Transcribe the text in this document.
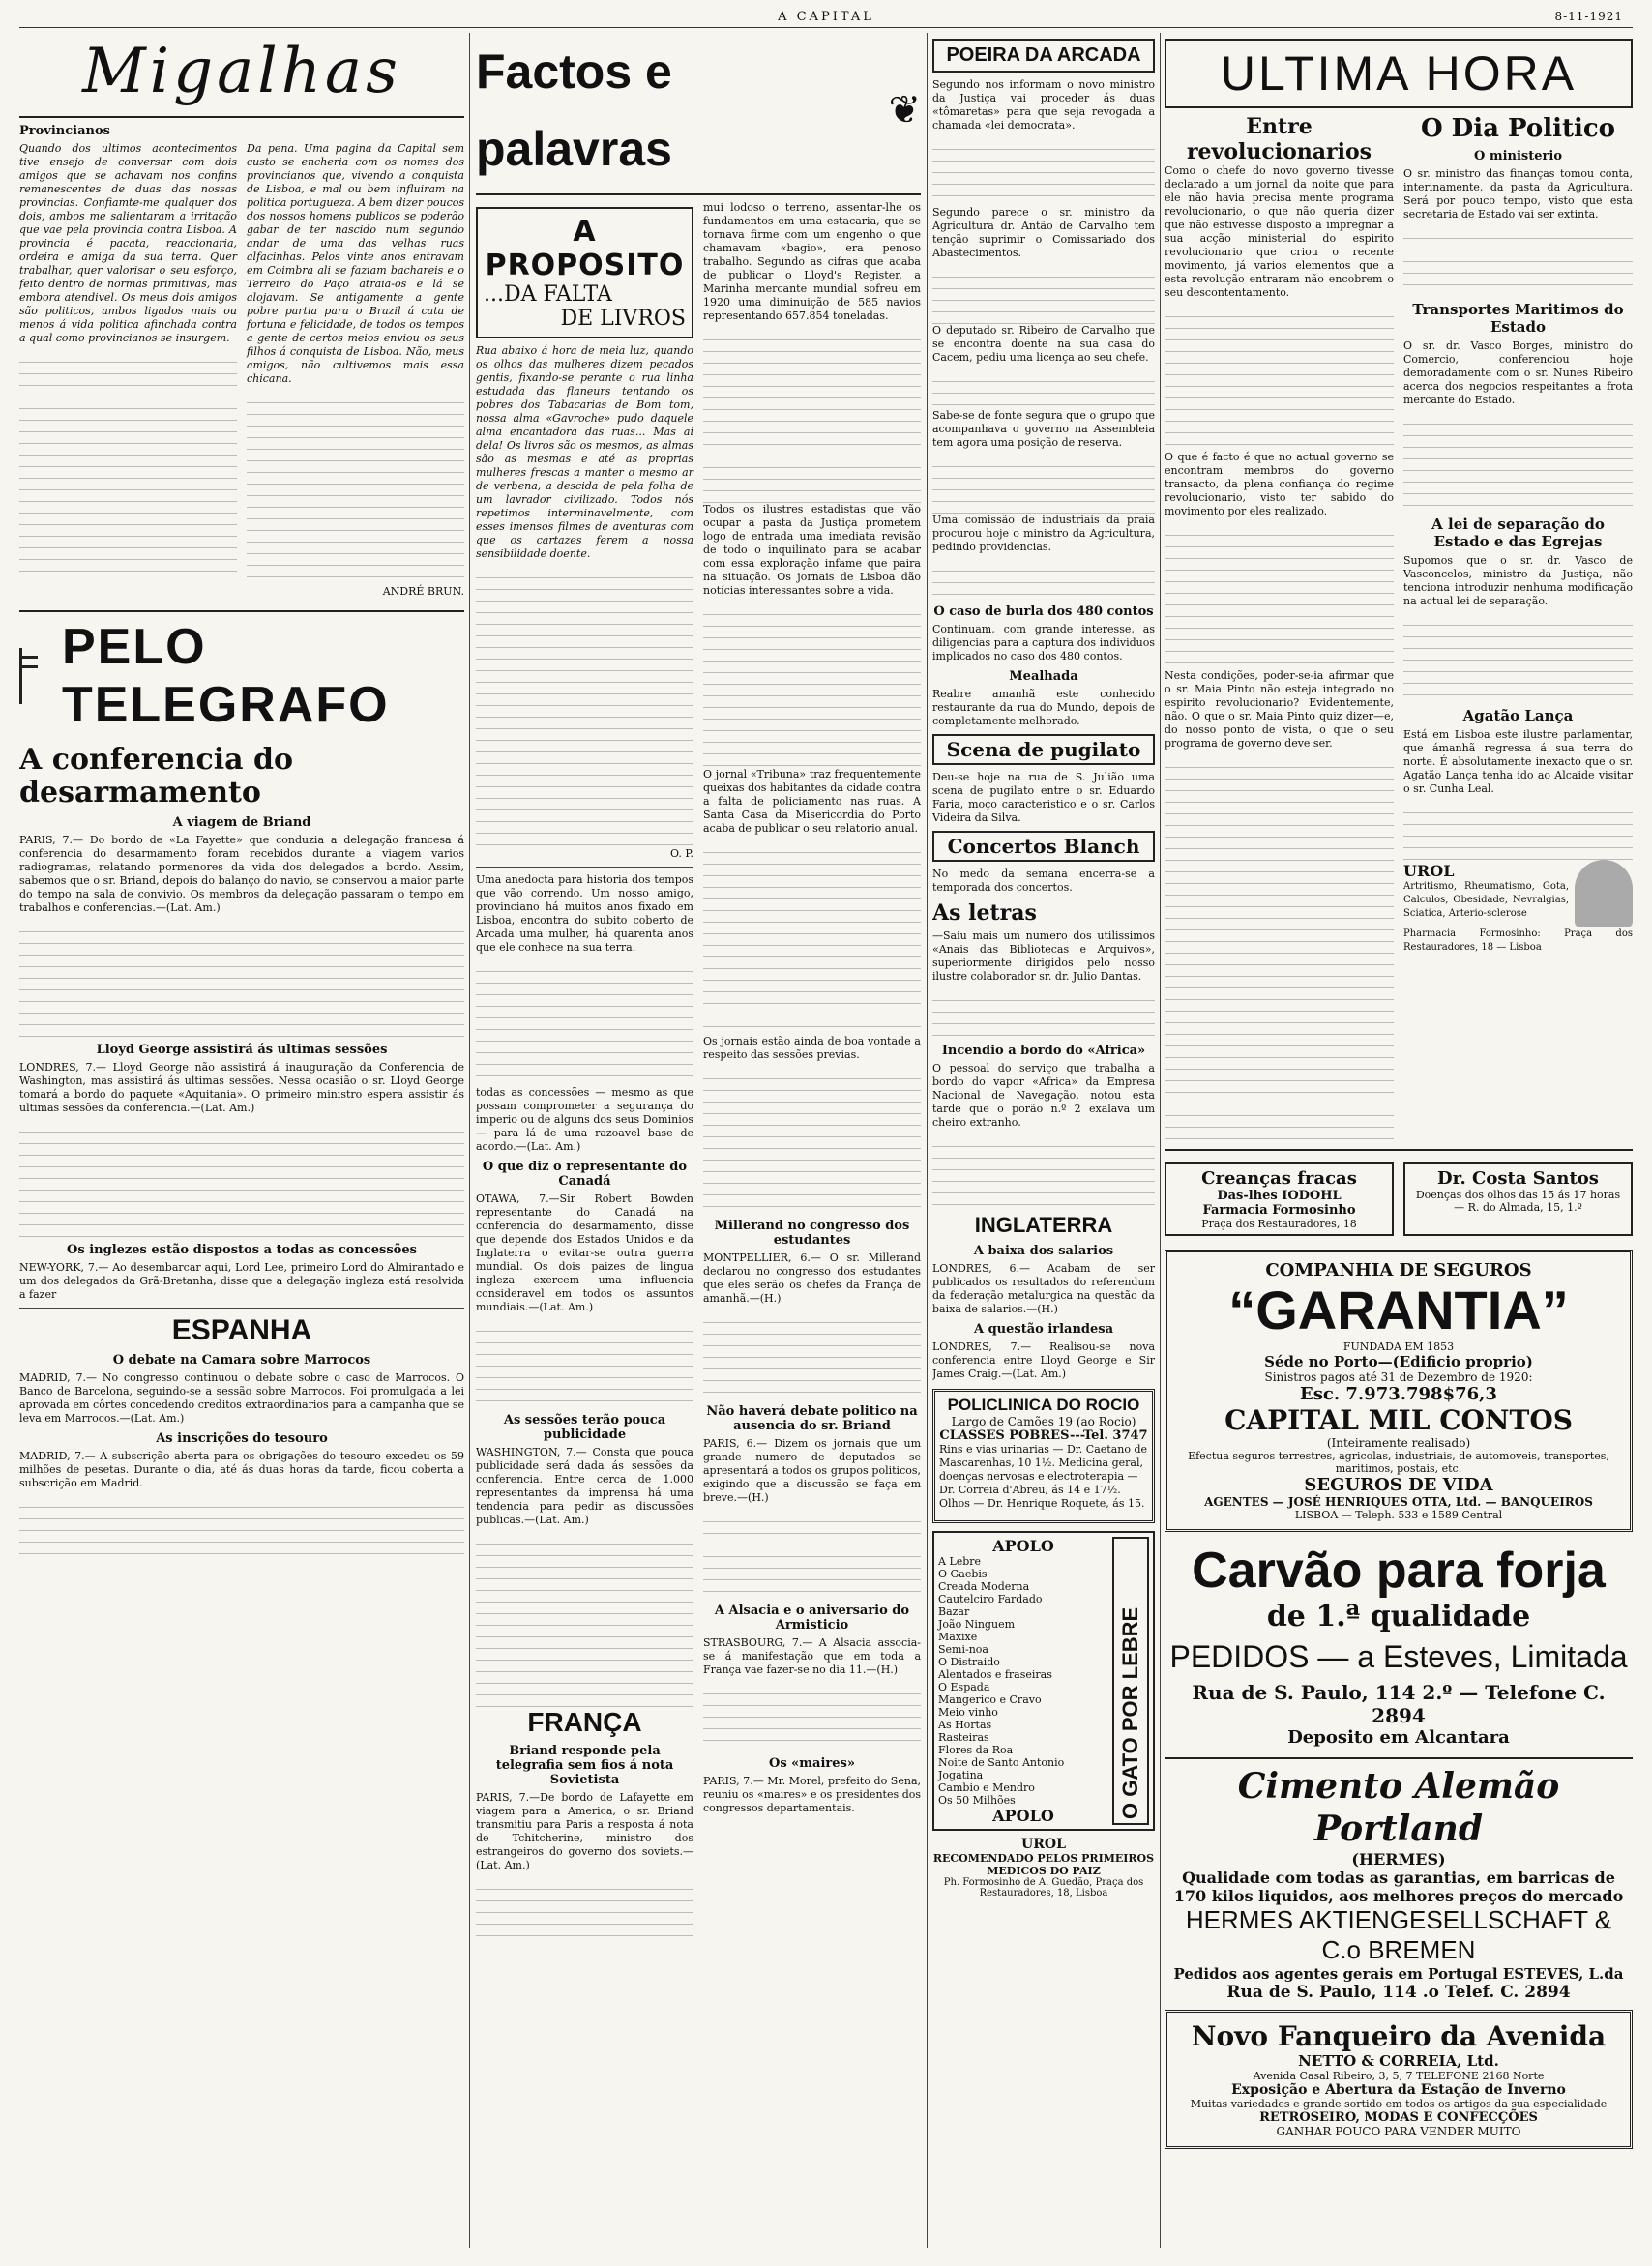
A CAPITAL	8-11-1921
Migalhas
Provincianos

Quando dos ultimos acontecimentos tive ensejo de conversar com dois amigos que se achavam nos confins remanescentes de duas das nossas provincias. Confiamte-me qualquer dos dois, ambos me salientaram a irritação que vae pela provincia contra Lisboa. A provincia é pacata, reaccionaria, ordeira e amiga da sua terra. Quer trabalhar, quer valorisar o seu esforço, feito dentro de normas primitivas, mas embora atendivel. Os meus dois amigos são politicos, ambos ligados mais ou menos á vida politica afinchada contra a qual como provincianos se insurgem.

Da pena. Uma pagina da Capital sem custo se encheria com os nomes dos provincianos que, vivendo a conquista de Lisboa, e mal ou bem influiram na politica portugueza. A bem dizer poucos dos nossos homens publicos se poderão gabar de ter nascido num segundo andar de uma das velhas ruas alfacinhas. Pelos vinte anos entravam em Coimbra ali se faziam bachareis e o Terreiro do Paço atraia-os e lá se alojavam. Se antigamente a gente pobre partia para o Brazil á cata de fortuna e felicidade, de todos os tempos a gente de certos meios enviou os seus filhos á conquista de Lisboa. Não, meus amigos, não cultivemos mais essa chicana.

ANDRÉ BRUN.

PELO TELEGRAFO
A conferencia do desarmamento
A viagem de Briand

PARIS, 7.— Do bordo de «La Fayette» que conduzia a delegação francesa á conferencia do desarmamento foram recebidos durante a viagem varios radiogramas, relatando pormenores da vida dos delegados a bordo. Assim, sabemos que o sr. Briand, depois do balanço do navio, se conservou a maior parte do tempo na sala de convivio. Os membros da delegação passaram o tempo em trabalhos e conferencias.—(Lat. Am.)

Lloyd George assistirá ás ultimas sessões

LONDRES, 7.— Lloyd George não assistirá á inauguração da Conferencia de Washington, mas assistirá ás ultimas sessões. Nessa ocasião o sr. Lloyd George tomará a bordo do paquete «Aquitania». O primeiro ministro espera assistir ás ultimas sessões da conferencia.—(Lat. Am.)

Os inglezes estão dispostos a todas as concessões

NEW-YORK, 7.— Ao desembarcar aqui, Lord Lee, primeiro Lord do Almirantado e um dos delegados da Grã-Bretanha, disse que a delegação ingleza está resolvida a fazer

ESPANHA
O debate na Camara sobre Marrocos

MADRID, 7.— No congresso continuou o debate sobre o caso de Marrocos. O Banco de Barcelona, seguindo-se a sessão sobre Marrocos. Foi promulgada a lei aprovada em côrtes concedendo creditos extraordinarios para a campanha que se leva em Marrocos.—(Lat. Am.)

As inscrições do tesouro

MADRID, 7.— A subscrição aberta para os obrigações do tesouro excedeu os 59 milhões de pesetas. Durante o dia, até ás duas horas da tarde, ficou coberta a subscrição em Madrid.

Factos e palavras
❦
A PROPOSITO
...DA FALTA
DE LIVROS

Rua abaixo á hora de meia luz, quando os olhos das mulheres dizem pecados gentis, fixando-se perante o rua linha estudada das flaneurs tentando os pobres dos Tabacarias de Bom tom, nossa alma «Gavroche» pudo daquele alma encantadora das ruas... Mas ai dela! Os livros são os mesmos, as almas são as mesmas e até as proprias mulheres frescas a manter o mesmo ar de verbena, a descida de pela folha de um lavrador civilizado. Todos nós repetimos interminavelmente, com esses imensos filmes de aventuras com que os cartazes ferem a nossa sensibilidade doente.

O. P.

Uma anedocta para historia dos tempos que vão correndo. Um nosso amigo, provinciano há muitos anos fixado em Lisboa, encontra do subito coberto de Arcada uma mulher, há quarenta anos que ele conhece na sua terra.

todas as concessões — mesmo as que possam comprometer a segurança do imperio ou de alguns dos seus Dominios — para lá de uma razoavel base de acordo.—(Lat. Am.)

O que diz o representante do Canadá

OTAWA, 7.—Sir Robert Bowden representante do Canadá na conferencia do desarmamento, disse que depende dos Estados Unidos e da Inglaterra o evitar-se outra guerra mundial. Os dois paizes de lingua ingleza exercem uma influencia consideravel em todos os assuntos mundiais.—(Lat. Am.)

As sessões terão pouca publicidade

WASHINGTON, 7.— Consta que pouca publicidade será dada ás sessões da conferencia. Entre cerca de 1.000 representantes da imprensa há uma tendencia para pedir as discussões publicas.—(Lat. Am.)

FRANÇA
Briand responde pela telegrafia sem fios á nota Sovietista

PARIS, 7.—De bordo de Lafayette em viagem para a America, o sr. Briand transmitiu para Paris a resposta á nota de Tchitcherine, ministro dos estrangeiros do governo dos soviets.—(Lat. Am.)

mui lodoso o terreno, assentar-lhe os fundamentos em uma estacaria, que se tornava firme com um engenho o que chamavam «bagio», era penoso trabalho. Segundo as cifras que acaba de publicar o Lloyd's Register, a Marinha mercante mundial sofreu em 1920 uma diminuição de 585 navios representando 657.854 toneladas.

Todos os ilustres estadistas que vão ocupar a pasta da Justiça prometem logo de entrada uma imediata revisão de todo o inquilinato para se acabar com essa exploração infame que paira na situação. Os jornais de Lisboa dão notícias interessantes sobre a vida.

O jornal «Tribuna» traz frequentemente queixas dos habitantes da cidade contra a falta de policiamento nas ruas. A Santa Casa da Misericordia do Porto acaba de publicar o seu relatorio anual.

Os jornais estão ainda de boa vontade a respeito das sessões previas.

Millerand no congresso dos estudantes

MONTPELLIER, 6.— O sr. Millerand declarou no congresso dos estudantes que eles serão os chefes da França de amanhã.—(H.)

Não haverá debate politico na ausencia do sr. Briand

PARIS, 6.— Dizem os jornais que um grande numero de deputados se apresentará a todos os grupos politicos, exigindo que a discussão se faça em breve.—(H.)

A Alsacia e o aniversario do Armisticio

STRASBOURG, 7.— A Alsacia associa-se á manifestação que em toda a França vae fazer-se no dia 11.—(H.)

Os «maires»

PARIS, 7.— Mr. Morel, prefeito do Sena, reuniu os «maires» e os presidentes dos congressos departamentais.

POEIRA DA ARCADA

Segundo nos informam o novo ministro da Justiça vai proceder ás duas «tômaretas» para que seja revogada a chamada «lei democrata».

Segundo parece o sr. ministro da Agricultura dr. Antão de Carvalho tem tenção suprimir o Comissariado dos Abastecimentos.

O deputado sr. Ribeiro de Carvalho que se encontra doente na sua casa do Cacem, pediu uma licença ao seu chefe.

Sabe-se de fonte segura que o grupo que acompanhava o governo na Assembleia tem agora uma posição de reserva.

Uma comissão de industriais da praia procurou hoje o ministro da Agricultura, pedindo providencias.

O caso de burla dos 480 contos

Continuam, com grande interesse, as diligencias para a captura dos individuos implicados no caso dos 480 contos.

Mealhada

Reabre amanhã este conhecido restaurante da rua do Mundo, depois de completamente melhorado.

Scena de pugilato

Deu-se hoje na rua de S. Julião uma scena de pugilato entre o sr. Eduardo Faria, moço caracteristico e o sr. Carlos Videira da Silva.

Concertos Blanch

No medo da semana encerra-se a temporada dos concertos.

As letras

—Saiu mais um numero dos utilissimos «Anais das Bibliotecas e Arquivos», superiormente dirigidos pelo nosso ilustre colaborador sr. dr. Julio Dantas.

Incendio a bordo do «Africa»

O pessoal do serviço que trabalha a bordo do vapor «Africa» da Empresa Nacional de Navegação, notou esta tarde que o porão n.º 2 exalava um cheiro extranho.

INGLATERRA
A baixa dos salarios

LONDRES, 6.— Acabam de ser publicados os resultados do referendum da federação metalurgica na questão da baixa de salarios.—(H.)

A questão irlandesa

LONDRES, 7.— Realisou-se nova conferencia entre Lloyd George e Sir James Craig.—(Lat. Am.)

POLICLINICA DO ROCIO
Largo de Camões 19 (ao Rocio)
CLASSES POBRES---Tel. 3747

Rins e vias urinarias — Dr. Caetano de Mascarenhas, 10 1½. Medicina geral, doenças nervosas e electroterapia — Dr. Correia d'Abreu, ás 14 e 17½. Olhos — Dr. Henrique Roquete, ás 15.

APOLO
A Lebre
O Gaebis
Creada Moderna
Cautelciro Fardado
Bazar
João Ninguem
Maxixe
Semi-noa
O Distraido
Alentados e fraseiras
O Espada
Mangerico e Cravo
Meio vinho
As Hortas
Rasteiras
Flores da Roa
Noite de Santo Antonio
Jogatina
Cambio e Mendro
Os 50 Milhões
APOLO	O GATO POR LEBRE
UROL
RECOMENDADO PELOS PRIMEIROS MEDICOS DO PAIZ
Ph. Formosinho de A. Guedão, Praça dos Restauradores, 18, Lisboa
ULTIMA HORA
Entre revolucionarios

Como o chefe do novo governo tivesse declarado a um jornal da noite que para ele não havia precisa mente programa revolucionario, o que não queria dizer que não estivesse disposto a impregnar a sua acção ministerial do espirito revolucionario que criou o recente movimento, já varios elementos que a esta revolução entraram não encobrem o seu descontentamento.

O que é facto é que no actual governo se encontram membros do governo transacto, da plena confiança do regime revolucionario, visto ter sabido do movimento por eles realizado.

Nesta condições, poder-se-ia afirmar que o sr. Maia Pinto não esteja integrado no espirito revolucionario? Evidentemente, não. O que o sr. Maia Pinto quiz dizer—e, do nosso ponto de vista, o que o seu programa de governo deve ser.

O Dia Politico
O ministerio

O sr. ministro das finanças tomou conta, interinamente, da pasta da Agricultura. Será por pouco tempo, visto que esta secretaria de Estado vai ser extinta.

Transportes Maritimos do Estado

O sr. dr. Vasco Borges, ministro do Comercio, conferenciou hoje demoradamente com o sr. Nunes Ribeiro acerca dos negocios respeitantes a frota mercante do Estado.

A lei de separação do Estado e das Egrejas

Supomos que o sr. dr. Vasco de Vasconcelos, ministro da Justiça, não tenciona introduzir nenhuma modificação na actual lei de separação.

Agatão Lança

Está em Lisboa este ilustre parlamentar, que ámanhã regressa á sua terra do norte. É absolutamente inexacto que o sr. Agatão Lança tenha ido ao Alcaide visitar o sr. Cunha Leal.

UROL

Artritismo, Rheumatismo, Gota, Calculos, Obesidade, Nevralgias, Sciatica, Arterio-sclerose

Pharmacia Formosinho: Praça dos Restauradores, 18 — Lisboa

Creanças fracas
Das-lhes IODOHL
Farmacia Formosinho
Praça dos Restauradores, 18
Dr. Costa Santos
Doenças dos olhos das 15 ás 17 horas — R. do Almada, 15, 1.º
COMPANHIA DE SEGUROS
“GARANTIA”
FUNDADA EM 1853
Séde no Porto—(Edificio proprio)
Sinistros pagos até 31 de Dezembro de 1920:
Esc. 7.973.798$76,3
CAPITAL MIL CONTOS
(Inteiramente realisado)
Efectua seguros terrestres, agricolas, industriais, de automoveis, transportes, maritimos, postais, etc.
SEGUROS DE VIDA
AGENTES — JOSÉ HENRIQUES OTTA, Ltd. — BANQUEIROS
LISBOA — Teleph. 533 e 1589 Central
Carvão para forja
de 1.ª qualidade
PEDIDOS — a Esteves, Limitada
Rua de S. Paulo, 114 2.º — Telefone C. 2894
Deposito em Alcantara
Cimento Alemão Portland
(HERMES)
Qualidade com todas as garantias, em barricas de 170 kilos liquidos, aos melhores preços do mercado
HERMES AKTIENGESELLSCHAFT &
C.o BREMEN
Pedidos aos agentes gerais em Portugal ESTEVES, L.da
Rua de S. Paulo, 114 .o Telef. C. 2894
Novo Fanqueiro da Avenida
NETTO & CORREIA, Ltd.
Avenida Casal Ribeiro, 3, 5, 7 TELEFONE 2168 Norte
Exposição e Abertura da Estação de Inverno
Muitas variedades e grande sortido em todos os artigos da sua especialidade
RETROSEIRO, MODAS E CONFECÇÕES
GANHAR POUCO PARA VENDER MUITO
